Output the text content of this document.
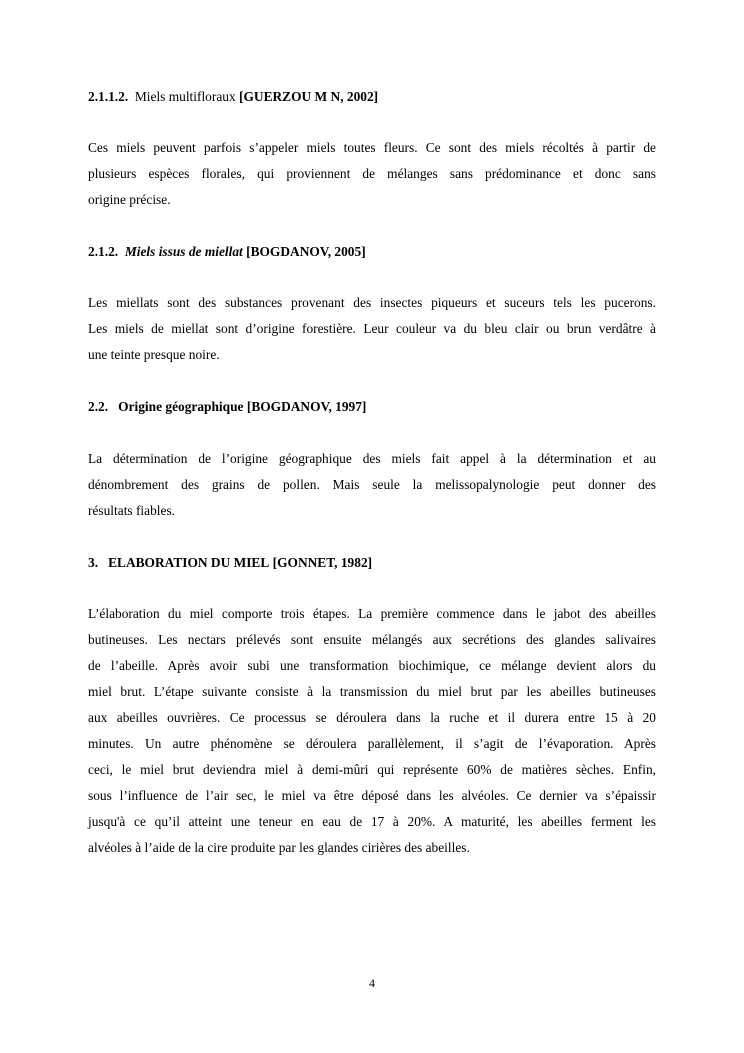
2.1.1.2. Miels multifloraux [GUERZOU M N, 2002]
Ces miels peuvent parfois s’appeler miels toutes fleurs. Ce sont des miels récoltés à partir de
plusieurs espèces florales, qui proviennent de mélanges sans prédominance et donc sans
origine précise.
2.1.2. Miels issus de miellat [BOGDANOV, 2005]
Les miellats sont des substances provenant des insectes piqueurs et suceurs tels les pucerons.
Les miels de miellat sont d’origine forestière. Leur couleur va du bleu clair ou brun verdâtre à
une teinte presque noire.
2.2. Origine géographique [BOGDANOV, 1997]
La détermination de l’origine géographique des miels fait appel à la détermination et au
dénombrement des grains de pollen. Mais seule la melissopalynologie peut donner des
résultats fiables.
3. ELABORATION DU MIEL [GONNET, 1982]
L’élaboration du miel comporte trois étapes. La première commence dans le jabot des abeilles
butineuses. Les nectars prélevés sont ensuite mélangés aux secrétions des glandes salivaires
de l’abeille. Après avoir subi une transformation biochimique, ce mélange devient alors du
miel brut. L’étape suivante consiste à la transmission du miel brut par les abeilles butineuses
aux abeilles ouvrières. Ce processus se déroulera dans la ruche et il durera entre 15 à 20
minutes. Un autre phénomène se déroulera parallèlement, il s’agit de l’évaporation. Après
ceci, le miel brut deviendra miel à demi-mûri qui représente 60% de matières sèches. Enfin,
sous l’influence de l’air sec, le miel va être déposé dans les alvéoles. Ce dernier va s’épaissir
jusqu'à ce qu’il atteint une teneur en eau de 17 à 20%. A maturité, les abeilles ferment les
alvéoles à l’aide de la cire produite par les glandes cirières des abeilles.
4
